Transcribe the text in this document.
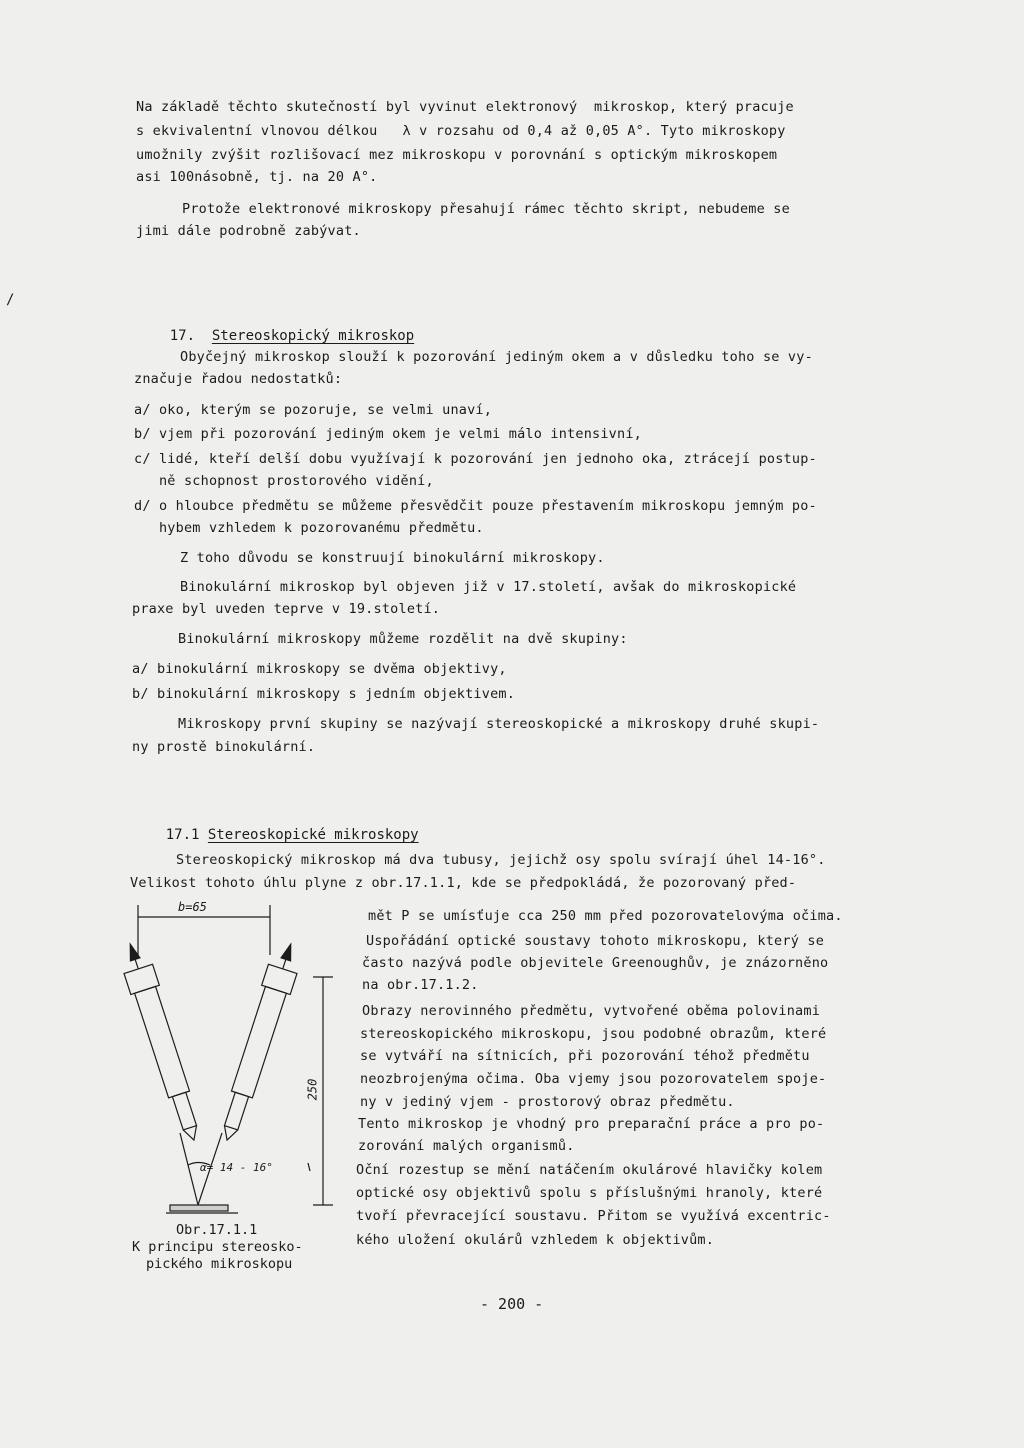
/
Na základě těchto skutečností byl vyvinut elektronový  mikroskop, který pracuje
s ekvivalentní vlnovou délkou   λ v rozsahu od 0,4 až 0,05 A°. Tyto mikroskopy
umožnily zvýšit rozlišovací mez mikroskopu v porovnání s optickým mikroskopem
asi 100násobně, tj. na 20 A°.
Protože elektronové mikroskopy přesahují rámec těchto skript, nebudeme se
jimi dále podrobně zabývat.

17. Stereoskopický mikroskop

Obyčejný mikroskop slouží k pozorování jediným okem a v důsledku toho se vy-
značuje řadou nedostatků:
a/ oko, kterým se pozoruje, se velmi unaví,
b/ vjem při pozorování jediným okem je velmi málo intensivní,
c/ lidé, kteří delší dobu využívají k pozorování jen jednoho oka, ztrácejí postup-
ně schopnost prostorového vidění,
d/ o hloubce předmětu se můžeme přesvědčit pouze přestavením mikroskopu jemným po-
hybem vzhledem k pozorovanému předmětu.
Z toho důvodu se konstruují binokulární mikroskopy.
Binokulární mikroskop byl objeven již v 17.století, avšak do mikroskopické
praxe byl uveden teprve v 19.století.
Binokulární mikroskopy můžeme rozdělit na dvě skupiny:
a/ binokulární mikroskopy se dvěma objektivy,
b/ binokulární mikroskopy s jedním objektivem.
Mikroskopy první skupiny se nazývají stereoskopické a mikroskopy druhé skupi-
ny prostě binokulární.

17.1 Stereoskopické mikroskopy

Stereoskopický mikroskop má dva tubusy, jejichž osy spolu svírají úhel 14-16°.
Velikost tohoto úhlu plyne z obr.17.1.1, kde se předpokládá, že pozorovaný před-
mět P se umísťuje cca 250 mm před pozorovatelovýma očima.
Uspořádání optické soustavy tohoto mikroskopu, který se
často nazývá podle objevitele Greenoughův, je znázorněno
na obr.17.1.2.
Obrazy nerovinného předmětu, vytvořené oběma polovinami
stereoskopického mikroskopu, jsou podobné obrazům, které
se vytváří na sítnicích, při pozorování téhož předmětu
neozbrojenýma očima. Oba vjemy jsou pozorovatelem spoje-
ny v jediný vjem - prostorový obraz předmětu.
Tento mikroskop je vhodný pro preparační práce a pro po-
zorování malých organismů.
Oční rozestup se mění natáčením okulárové hlavičky kolem
optické osy objektivů spolu s příslušnými hranoly, které
tvoří převracející soustavu. Přitom se využívá excentric-
kého uložení okulárů vzhledem k objektivům.
b=65
250
α= 14 - 16°
Obr.17.1.1
K principu stereosko-
pického mikroskopu
- 200 -
